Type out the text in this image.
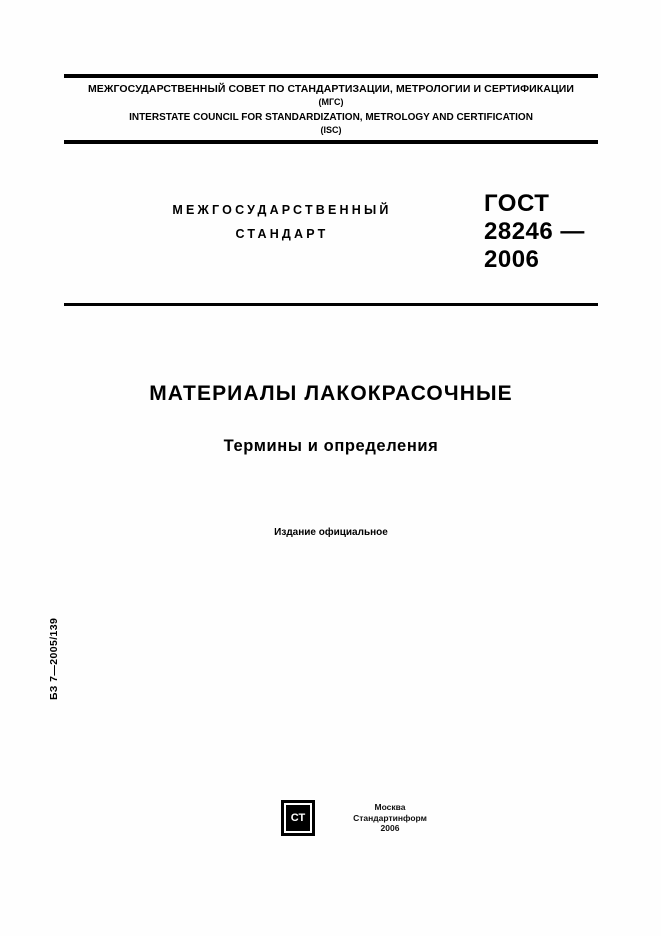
МЕЖГОСУДАРСТВЕННЫЙ СОВЕТ ПО СТАНДАРТИЗАЦИИ, МЕТРОЛОГИИ И СЕРТИФИКАЦИИ
(МГС)
INTERSTATE COUNCIL FOR STANDARDIZATION, METROLOGY AND CERTIFICATION
(ISC)
МЕЖГОСУДАРСТВЕННЫЙ
СТАНДАРТ
ГОСТ
28246 —
2006
МАТЕРИАЛЫ ЛАКОКРАСОЧНЫЕ
Термины и определения
Издание официальное
БЗ 7—2005/139
СТ
Москва
Стандартинформ
2006
